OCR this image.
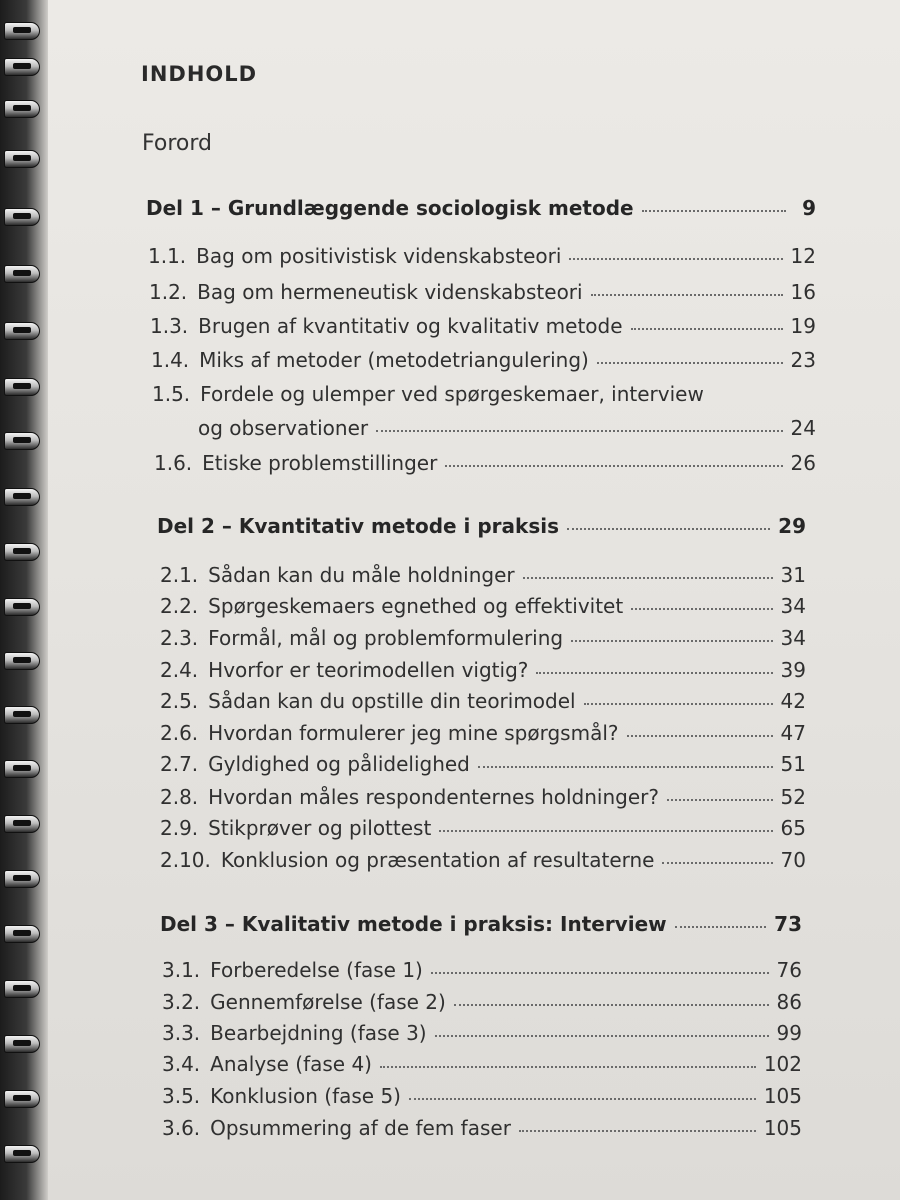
INDHOLD
Forord
Del 1 – Grundlæggende sociologisk metode	9
1.1. Bag om positivistisk videnskabsteori	12
1.2. Bag om hermeneutisk videnskabsteori	16
1.3. Brugen af kvantitativ og kvalitativ metode	19
1.4. Miks af metoder (metodetriangulering)	23
1.5. Fordele og ulemper ved spørgeskemaer, interview
og observationer	24
1.6. Etiske problemstillinger	26
Del 2 – Kvantitativ metode i praksis	29
2.1. Sådan kan du måle holdninger	31
2.2. Spørgeskemaers egnethed og effektivitet	34
2.3. Formål, mål og problemformulering	34
2.4. Hvorfor er teorimodellen vigtig?	39
2.5. Sådan kan du opstille din teorimodel	42
2.6. Hvordan formulerer jeg mine spørgsmål?	47
2.7. Gyldighed og pålidelighed	51
2.8. Hvordan måles respondenternes holdninger?	52
2.9. Stikprøver og pilottest	65
2.10. Konklusion og præsentation af resultaterne	70
Del 3 – Kvalitativ metode i praksis: Interview	73
3.1. Forberedelse (fase 1)	76
3.2. Gennemførelse (fase 2)	86
3.3. Bearbejdning (fase 3)	99
3.4. Analyse (fase 4)	102
3.5. Konklusion (fase 5)	105
3.6. Opsummering af de fem faser	105
